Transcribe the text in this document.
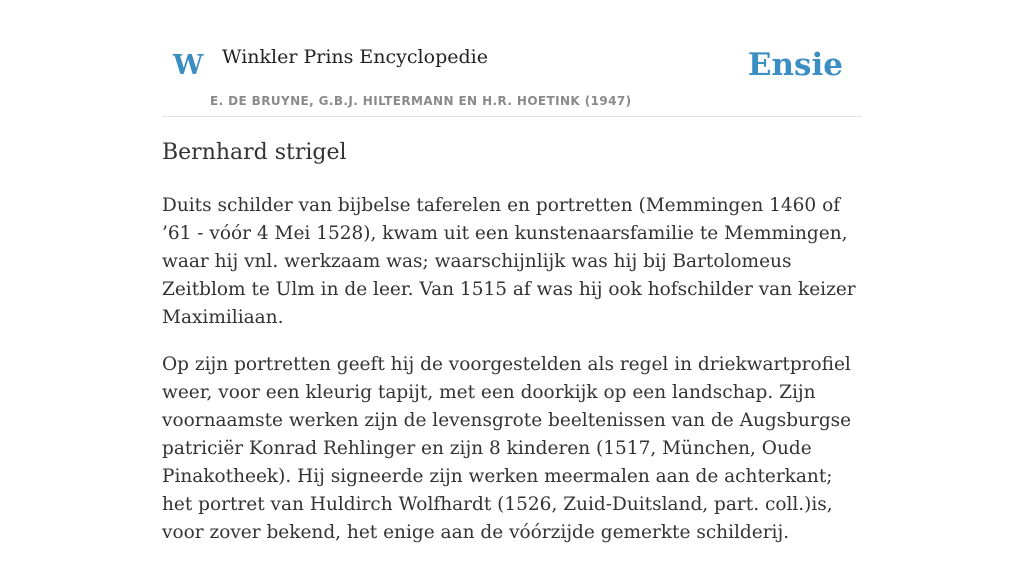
W Winkler Prins Encyclopedie
E. DE BRUYNE, G.B.J. HILTERMANN EN H.R. HOETINK (1947)
Ensie
Bernhard strigel

Duits schilder van bijbelse taferelen en portretten (Memmingen 1460 of ’61 - vóór 4 Mei 1528), kwam uit een kunstenaarsfamilie te Memmingen, waar hij vnl. werkzaam was; waarschijnlijk was hij bij Bartolomeus Zeitblom te Ulm in de leer. Van 1515 af was hij ook hofschilder van keizer Maximiliaan.

Op zijn portretten geeft hij de voorgestelden als regel in driekwartprofiel weer, voor een kleurig tapijt, met een doorkijk op een landschap. Zijn voornaamste werken zijn de levensgrote beeltenissen van de Augsburgse patriciër Konrad Rehlinger en zijn 8 kinderen (1517, München, Oude Pinakotheek). Hij signeerde zijn werken meermalen aan de achterkant; het portret van Huldirch Wolfhardt (1526, Zuid-Duitsland, part. coll.)is, voor zover bekend, het enige aan de vóórzijde gemerkte schilderij.
